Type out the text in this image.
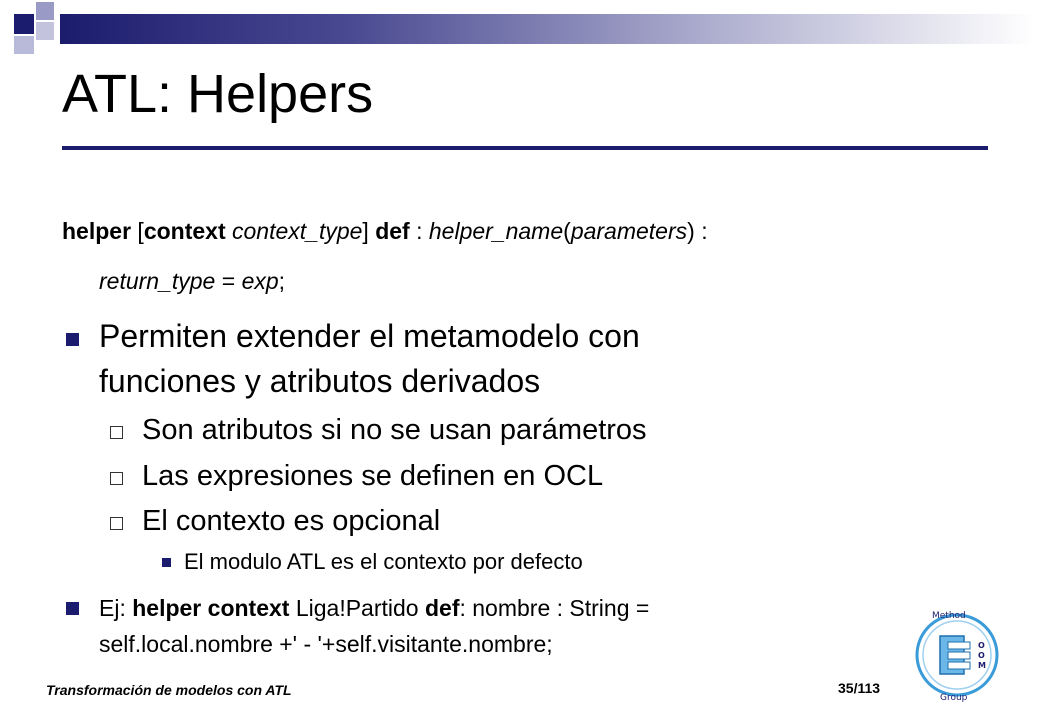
ATL: Helpers
helper [context context_type] def : helper_name(parameters) :
return_type = exp;
Permiten extender el metamodelo con
funciones y atributos derivados
Son atributos si no se usan parámetros
Las expresiones se definen en OCL
El contexto es opcional
El modulo ATL es el contexto por defecto
Ej: helper context Liga!Partido def: nombre : String =
self.local.nombre +' - '+self.visitante.nombre;
Transformación de modelos con ATL	35/113
O
O
M
Method
Group
